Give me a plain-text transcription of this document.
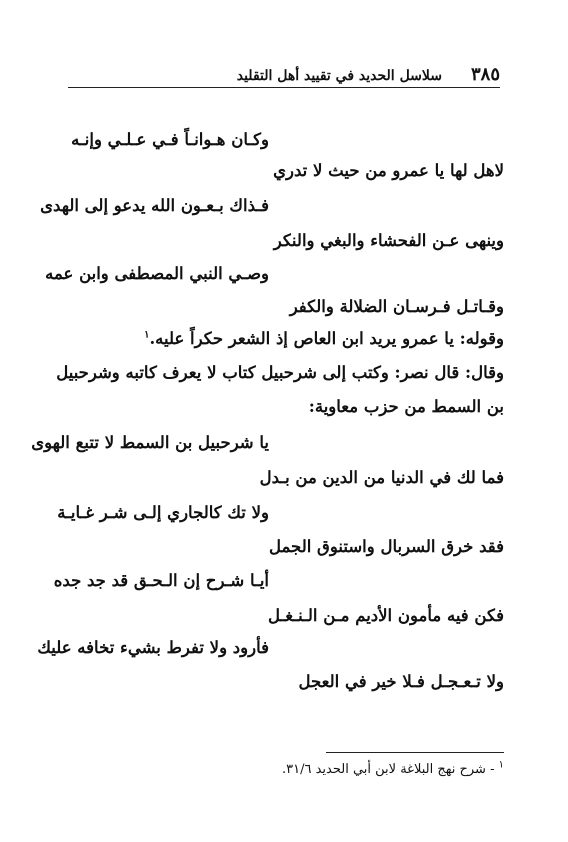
٣٨٥
سلاسل الحديد في تقييد أهل التقليد
وكـان هـوانـاً فـي عـلـي وإنـه
لاهل لها يا عمرو من حيث لا تدري
فـذاك بـعـون الله يدعو إلى الهدى
وينهى عـن الفحشاء والبغي والنكر
وصـي النبي المصطفى وابن عمه
وقـاتـل فـرسـان الضلالة والكفر
وقوله: يا عمرو يريد ابن العاص إذ الشعر حكراً عليه.$^١$
وقال: قال نصر: وكتب إلى شرحبيل كتاب لا يعرف كاتبه وشرحبيل
بن السمط من حزب معاوية:
يا شرحبيل بن السمط لا تتبع الهوى
فما لك في الدنيا من الدين من بـدل
ولا تك كالجاري إلـى شـر غـايـة
فقد خرق السربال واستنوق الجمل
أيـا شـرح إن الـحـق قد جد جده
فكن فيه مأمون الأديم مـن الـنـغـل
فأرود ولا تفرط بشيء تخافه عليك
ولا تـعـجـل فـلا خير في العجل
$^١$ - شرح نهج البلاغة لابن أبي الحديد ٣١/٦.
